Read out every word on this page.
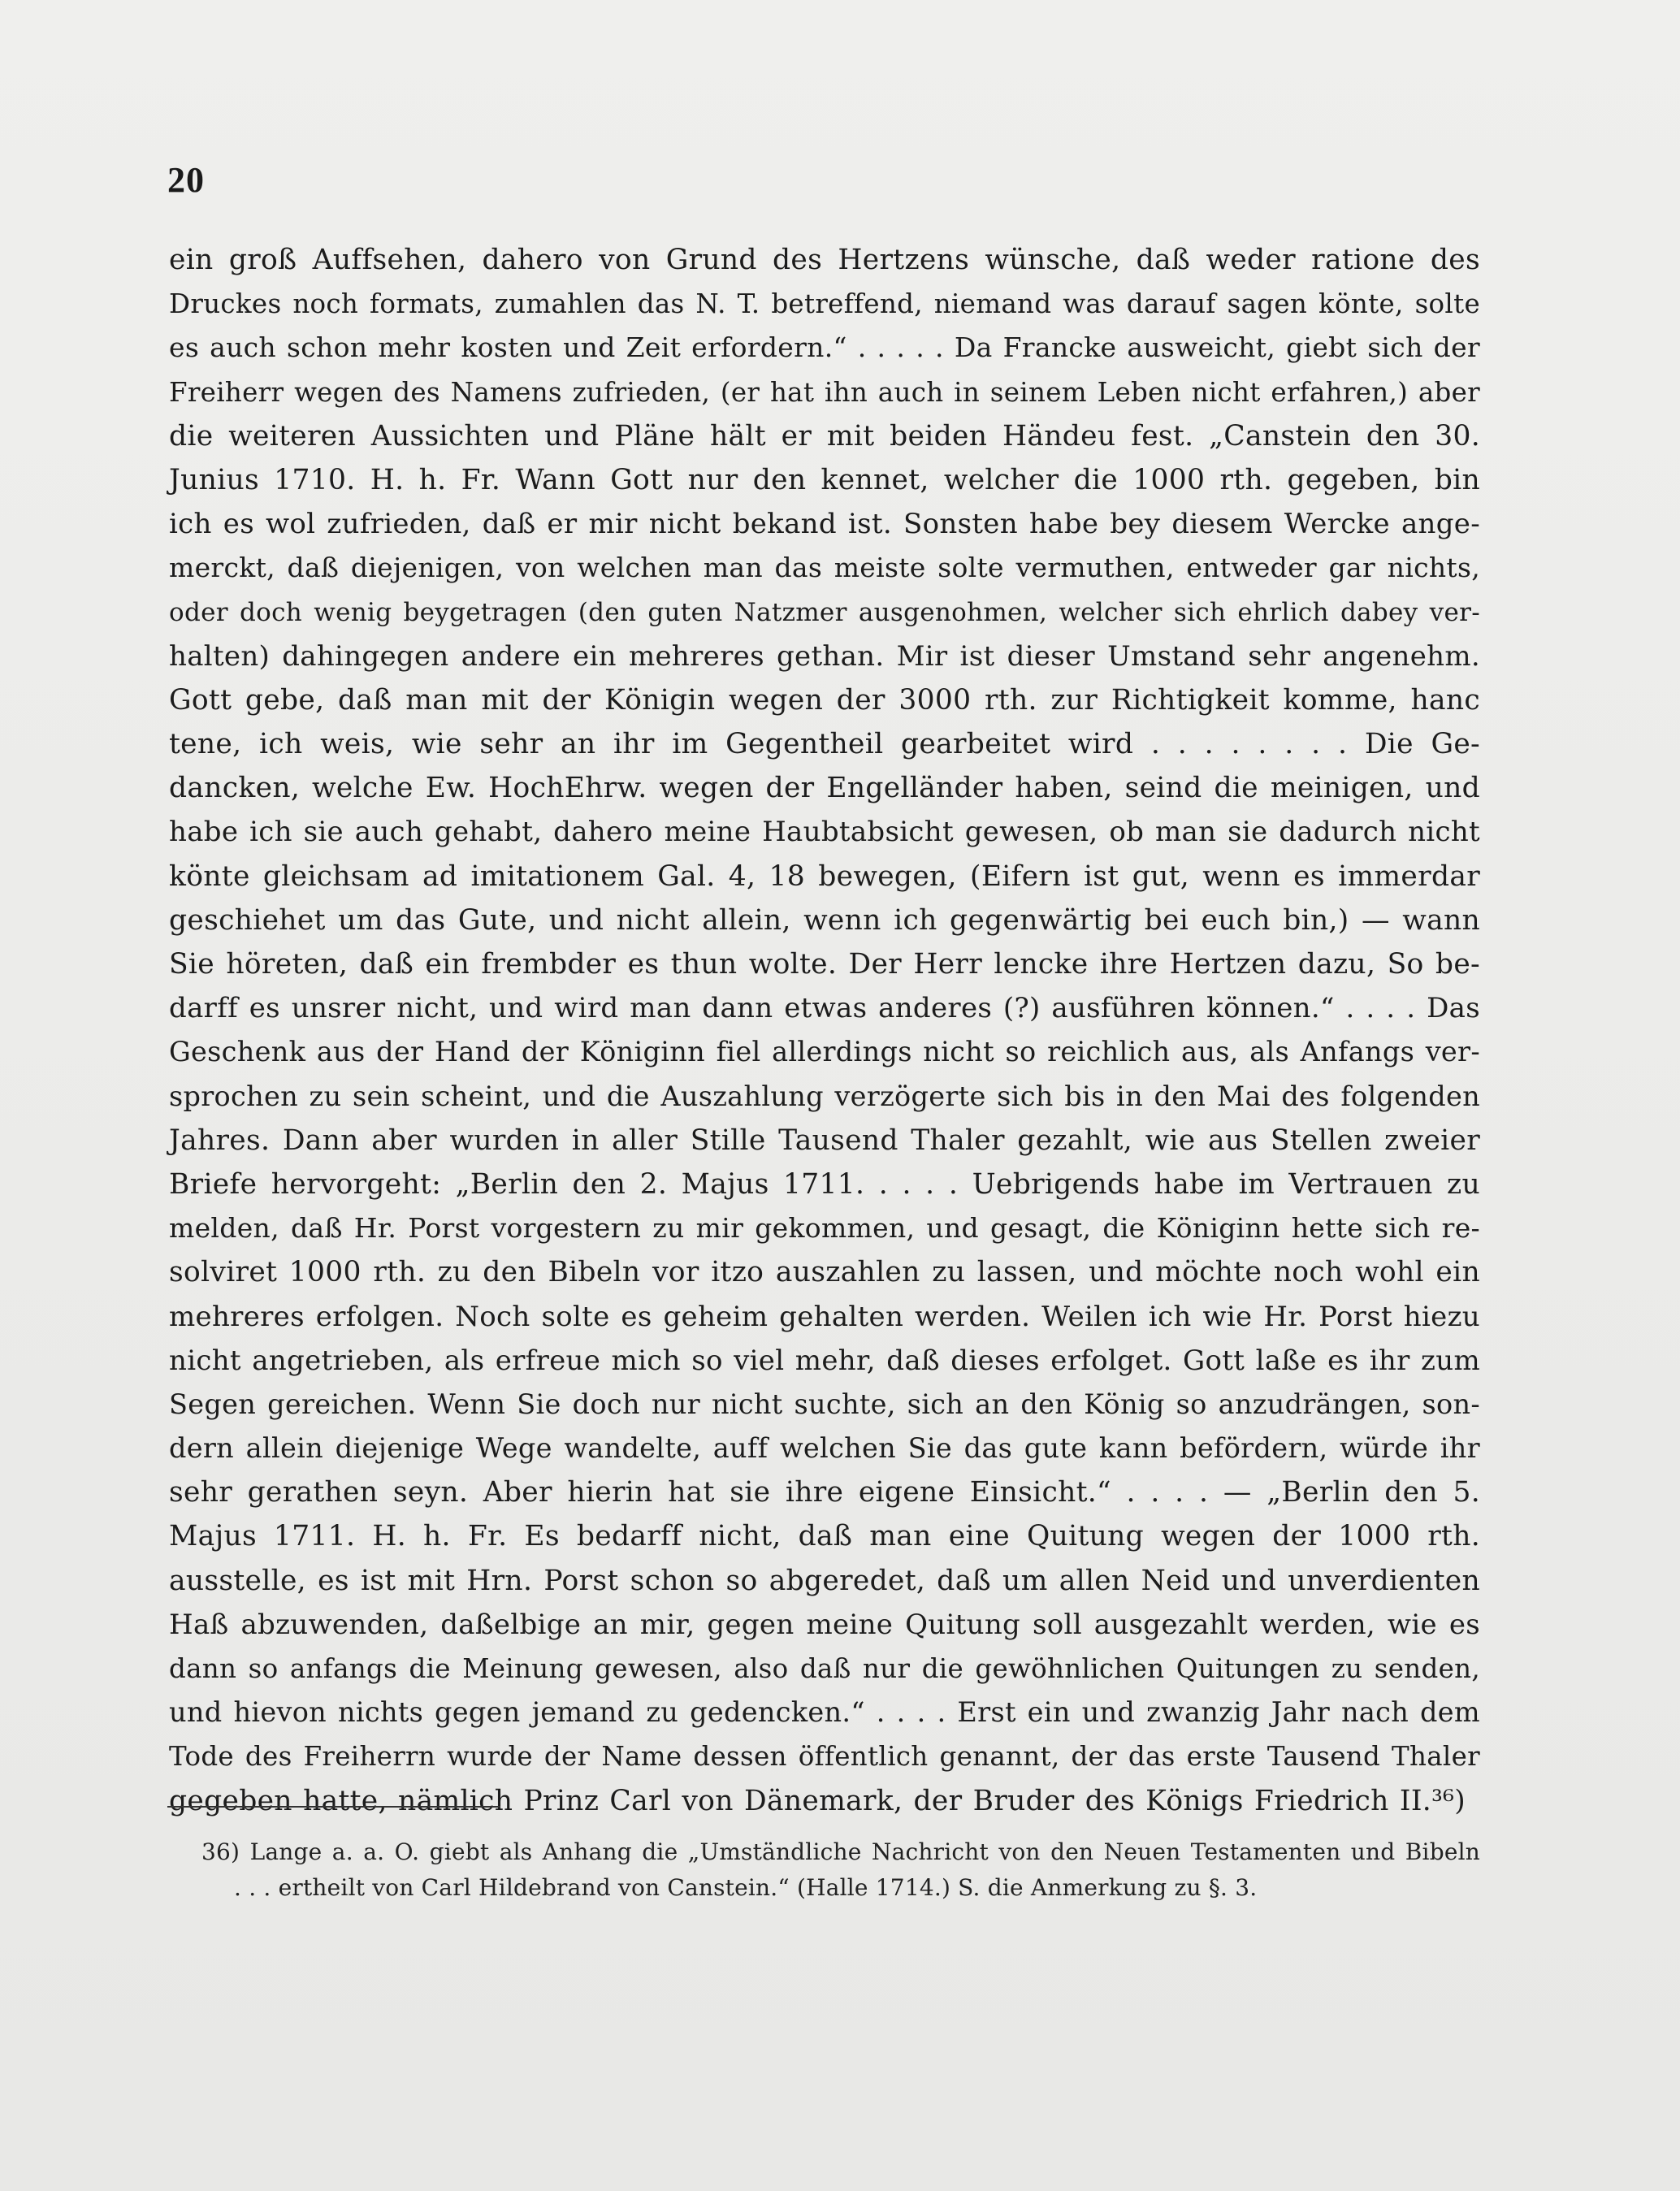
20
ein groß Auffsehen, dahero von Grund des Hertzens wünsche, daß weder ratione des
Druckes noch formats, zumahlen das N. T. betreffend, niemand was darauf sagen könte, solte
es auch schon mehr kosten und Zeit erfordern.“ . . . . . Da Francke ausweicht, giebt sich der
Freiherr wegen des Namens zufrieden, (er hat ihn auch in seinem Leben nicht erfahren,) aber
die weiteren Aussichten und Pläne hält er mit beiden Händeu fest. „Canstein den 30.
Junius 1710. H. h. Fr. Wann Gott nur den kennet, welcher die 1000 rth. gegeben, bin
ich es wol zufrieden, daß er mir nicht bekand ist. Sonsten habe bey diesem Wercke ange-
merckt, daß diejenigen, von welchen man das meiste solte vermuthen, entweder gar nichts,
oder doch wenig beygetragen (den guten Natzmer ausgenohmen, welcher sich ehrlich dabey ver-
halten) dahingegen andere ein mehreres gethan. Mir ist dieser Umstand sehr angenehm.
Gott gebe, daß man mit der Königin wegen der 3000 rth. zur Richtigkeit komme, hanc
tene, ich weis, wie sehr an ihr im Gegentheil gearbeitet wird . . . . . . . . Die Ge-
dancken, welche Ew. HochEhrw. wegen der Engelländer haben, seind die meinigen, und
habe ich sie auch gehabt, dahero meine Haubtabsicht gewesen, ob man sie dadurch nicht
könte gleichsam ad imitationem Gal. 4, 18 bewegen, (Eifern ist gut, wenn es immerdar
geschiehet um das Gute, und nicht allein, wenn ich gegenwärtig bei euch bin,) — wann
Sie höreten, daß ein frembder es thun wolte. Der Herr lencke ihre Hertzen dazu, So be-
darff es unsrer nicht, und wird man dann etwas anderes (?) ausführen können.“ . . . . Das
Geschenk aus der Hand der Königinn fiel allerdings nicht so reichlich aus, als Anfangs ver-
sprochen zu sein scheint, und die Auszahlung verzögerte sich bis in den Mai des folgenden
Jahres. Dann aber wurden in aller Stille Tausend Thaler gezahlt, wie aus Stellen zweier
Briefe hervorgeht: „Berlin den 2. Majus 1711. . . . . Uebrigends habe im Vertrauen zu
melden, daß Hr. Porst vorgestern zu mir gekommen, und gesagt, die Königinn hette sich re-
solviret 1000 rth. zu den Bibeln vor itzo auszahlen zu lassen, und möchte noch wohl ein
mehreres erfolgen. Noch solte es geheim gehalten werden. Weilen ich wie Hr. Porst hiezu
nicht angetrieben, als erfreue mich so viel mehr, daß dieses erfolget. Gott laße es ihr zum
Segen gereichen. Wenn Sie doch nur nicht suchte, sich an den König so anzudrängen, son-
dern allein diejenige Wege wandelte, auff welchen Sie das gute kann befördern, würde ihr
sehr gerathen seyn. Aber hierin hat sie ihre eigene Einsicht.“ . . . . — „Berlin den 5.
Majus 1711. H. h. Fr. Es bedarff nicht, daß man eine Quitung wegen der 1000 rth.
ausstelle, es ist mit Hrn. Porst schon so abgeredet, daß um allen Neid und unverdienten
Haß abzuwenden, daßelbige an mir, gegen meine Quitung soll ausgezahlt werden, wie es
dann so anfangs die Meinung gewesen, also daß nur die gewöhnlichen Quitungen zu senden,
und hievon nichts gegen jemand zu gedencken.“ . . . . Erst ein und zwanzig Jahr nach dem
Tode des Freiherrn wurde der Name dessen öffentlich genannt, der das erste Tausend Thaler
gegeben hatte, nämlich Prinz Carl von Dänemark, der Bruder des Königs Friedrich II.³⁶)
36) Lange a. a. O. giebt als Anhang die „Umständliche Nachricht von den Neuen Testamenten und Bibeln
. . . ertheilt von Carl Hildebrand von Canstein.“ (Halle 1714.) S. die Anmerkung zu §. 3.
